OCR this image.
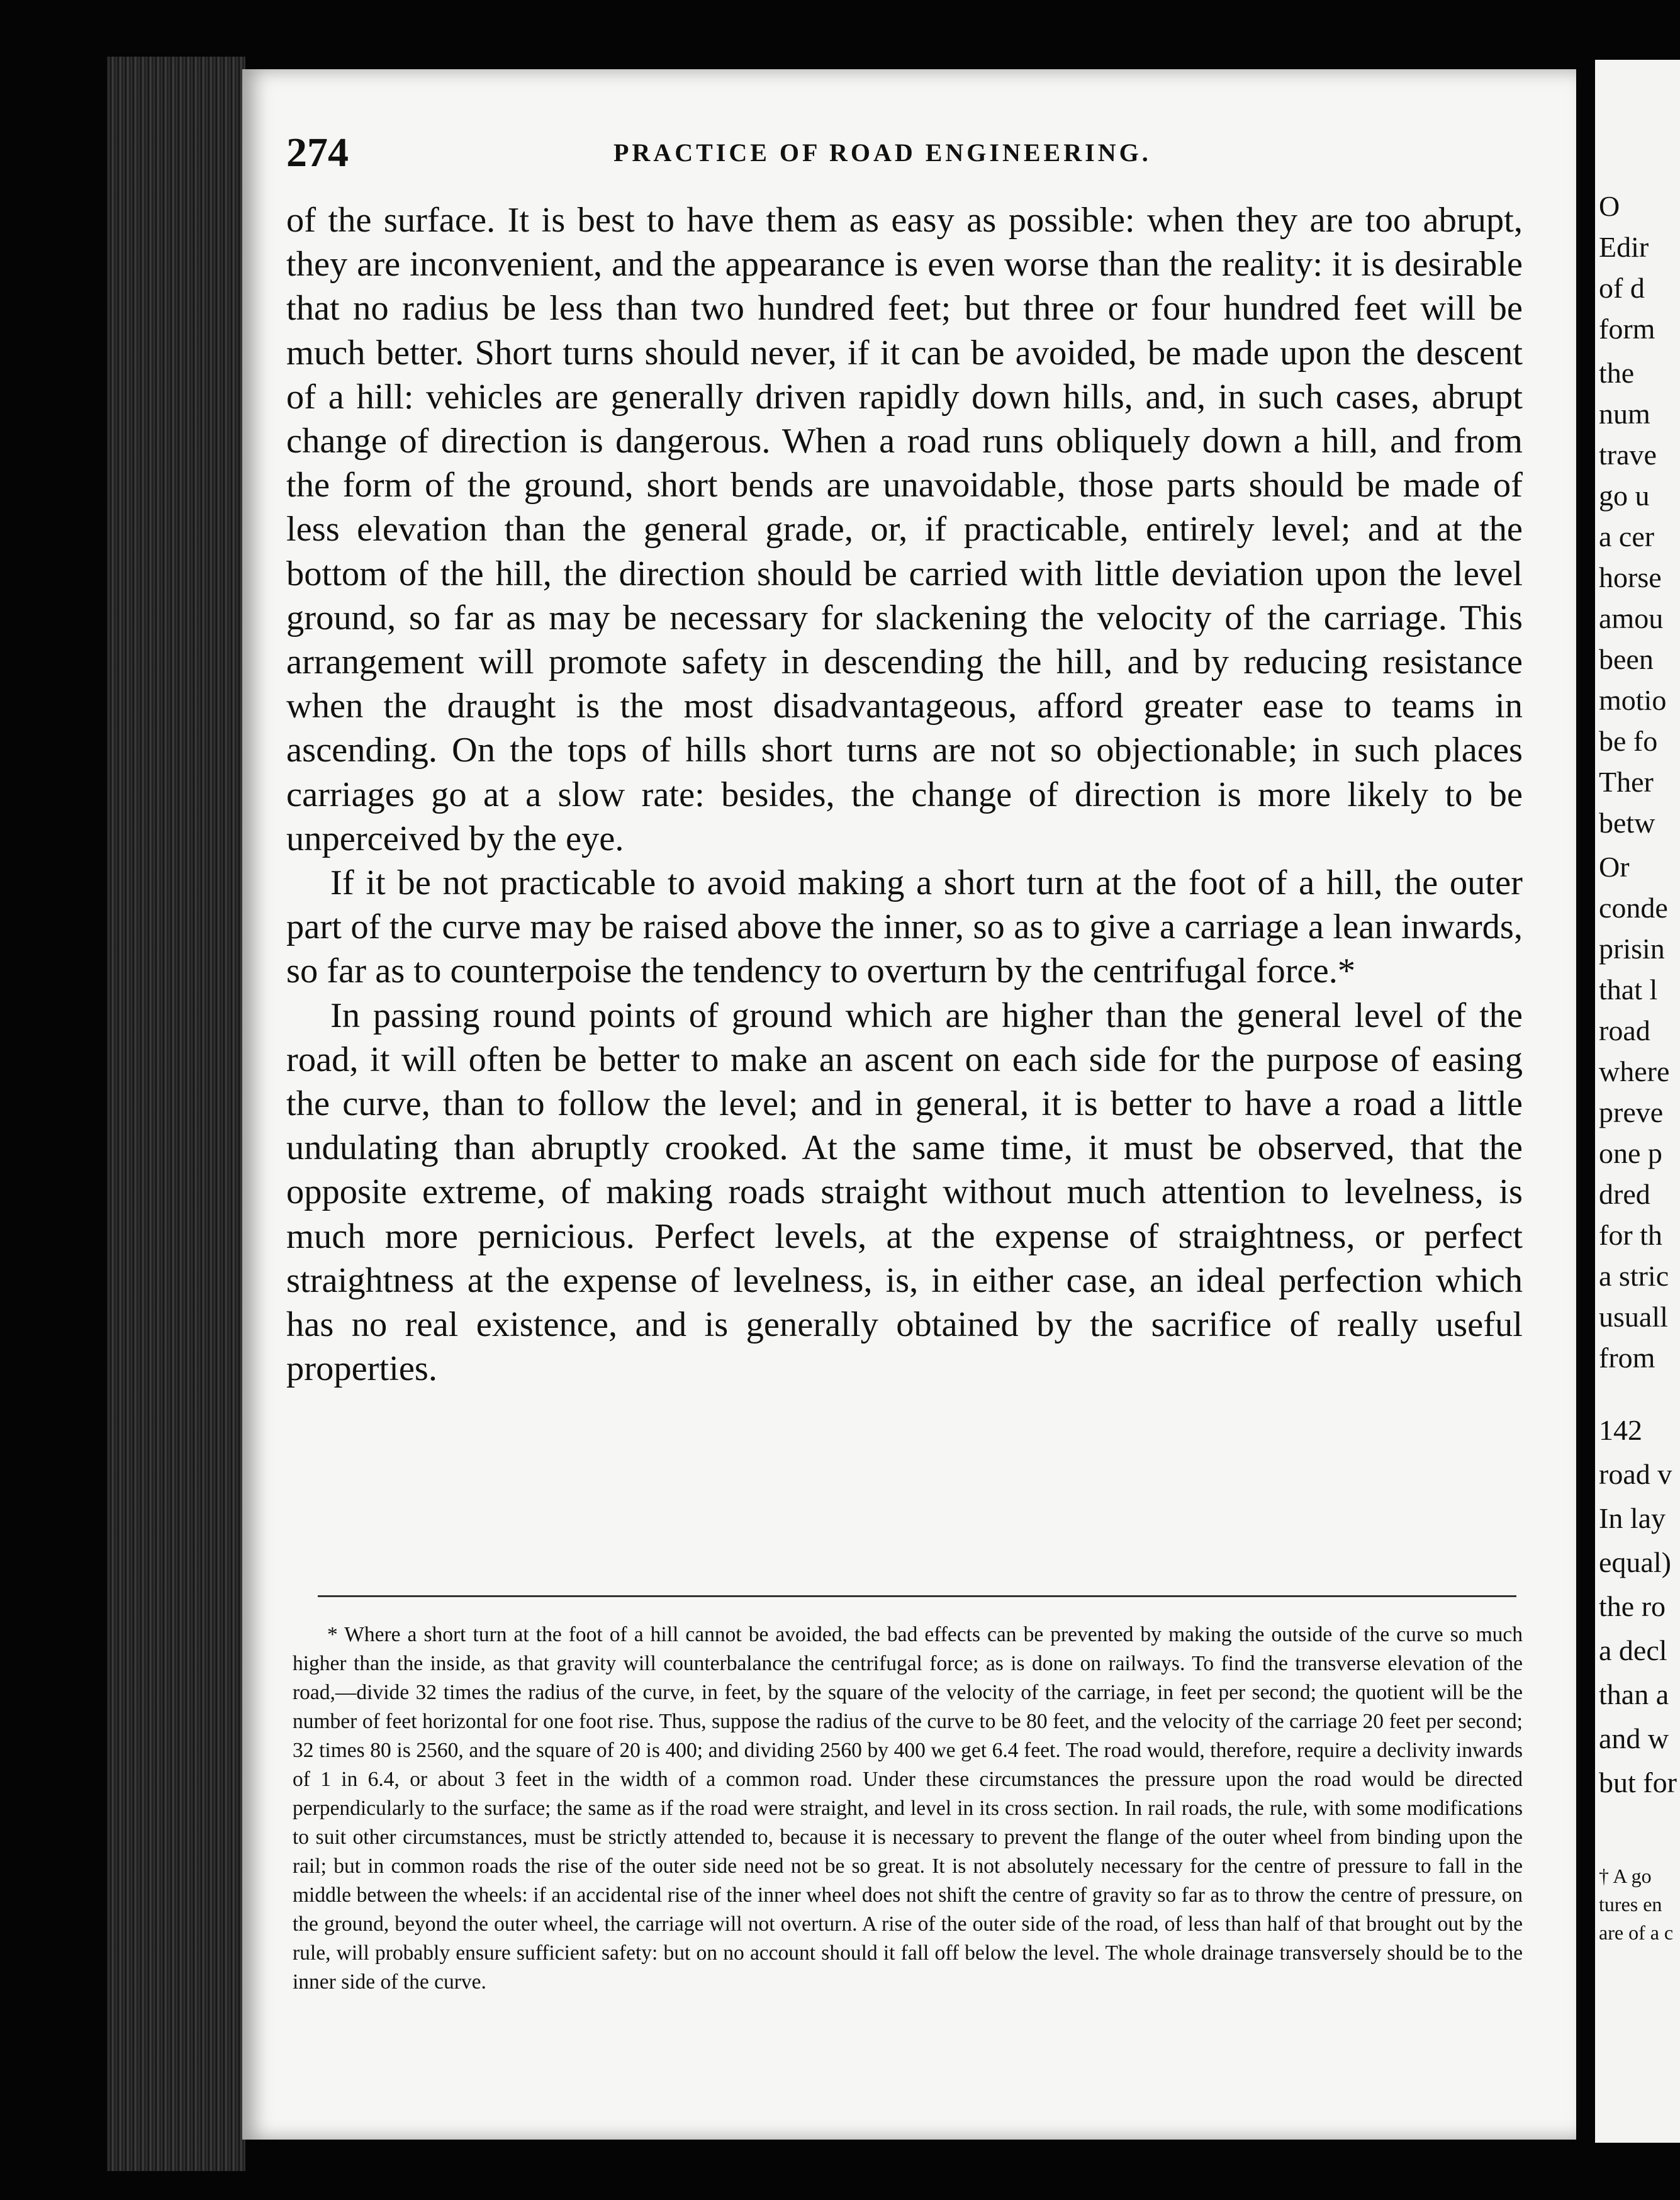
274	PRACTICE OF ROAD ENGINEERING.

of the surface. It is best to have them as easy as possible: when they are too abrupt, they are inconvenient, and the appearance is even worse than the reality: it is desirable that no radius be less than two hundred feet; but three or four hundred feet will be much better. Short turns should never, if it can be avoided, be made upon the descent of a hill: vehicles are generally driven rapidly down hills, and, in such cases, abrupt change of direction is dangerous. When a road runs obliquely down a hill, and from the form of the ground, short bends are unavoidable, those parts should be made of less elevation than the general grade, or, if practicable, entirely level; and at the bottom of the hill, the direction should be carried with little deviation upon the level ground, so far as may be necessary for slackening the velocity of the carriage. This arrangement will promote safety in descending the hill, and by reducing resistance when the draught is the most disadvantageous, afford greater ease to teams in ascending. On the tops of hills short turns are not so objectionable; in such places carriages go at a slow rate: besides, the change of direction is more likely to be unperceived by the eye.

If it be not practicable to avoid making a short turn at the foot of a hill, the outer part of the curve may be raised above the inner, so as to give a carriage a lean inwards, so far as to counterpoise the tendency to overturn by the centrifugal force.*

In passing round points of ground which are higher than the general level of the road, it will often be better to make an ascent on each side for the purpose of easing the curve, than to follow the level; and in general, it is better to have a road a little undulating than abruptly crooked. At the same time, it must be observed, that the opposite extreme, of making roads straight without much attention to levelness, is much more pernicious. Perfect levels, at the expense of straightness, or perfect straightness at the expense of levelness, is, in either case, an ideal perfection which has no real existence, and is generally obtained by the sacrifice of really useful properties.

* Where a short turn at the foot of a hill cannot be avoided, the bad effects can be prevented by making the outside of the curve so much higher than the inside, as that gravity will counterbalance the centrifugal force; as is done on railways. To find the transverse elevation of the road,—divide 32 times the radius of the curve, in feet, by the square of the velocity of the carriage, in feet per second; the quotient will be the number of feet horizontal for one foot rise. Thus, suppose the radius of the curve to be 80 feet, and the velocity of the carriage 20 feet per second; 32 times 80 is 2560, and the square of 20 is 400; and dividing 2560 by 400 we get 6.4 feet. The road would, therefore, require a declivity inwards of 1 in 6.4, or about 3 feet in the width of a common road. Under these circumstances the pressure upon the road would be directed perpendicularly to the surface; the same as if the road were straight, and level in its cross section. In rail roads, the rule, with some modifications to suit other circumstances, must be strictly attended to, because it is necessary to prevent the flange of the outer wheel from binding upon the rail; but in common roads the rise of the outer side need not be so great. It is not absolutely necessary for the centre of pressure to fall in the middle between the wheels: if an accidental rise of the inner wheel does not shift the centre of gravity so far as to throw the centre of pressure, on the ground, beyond the outer wheel, the carriage will not overturn. A rise of the outer side of the road, of less than half of that brought out by the rule, will probably ensure sufficient safety: but on no account should it fall off below the level. The whole drainage transversely should be to the inner side of the curve.
O
Edir
of d
form
the
num
trave
go u
a cer
horse
amou
been
motio
be fo
Ther
betw
Or
conde
prisin
that l
road
where
preve
one p
dred
for th
a stric
usuall
from
142
road v
In lay
equal)
the ro
a decl
than a
and w
but for
† A go
tures en
are of a c
